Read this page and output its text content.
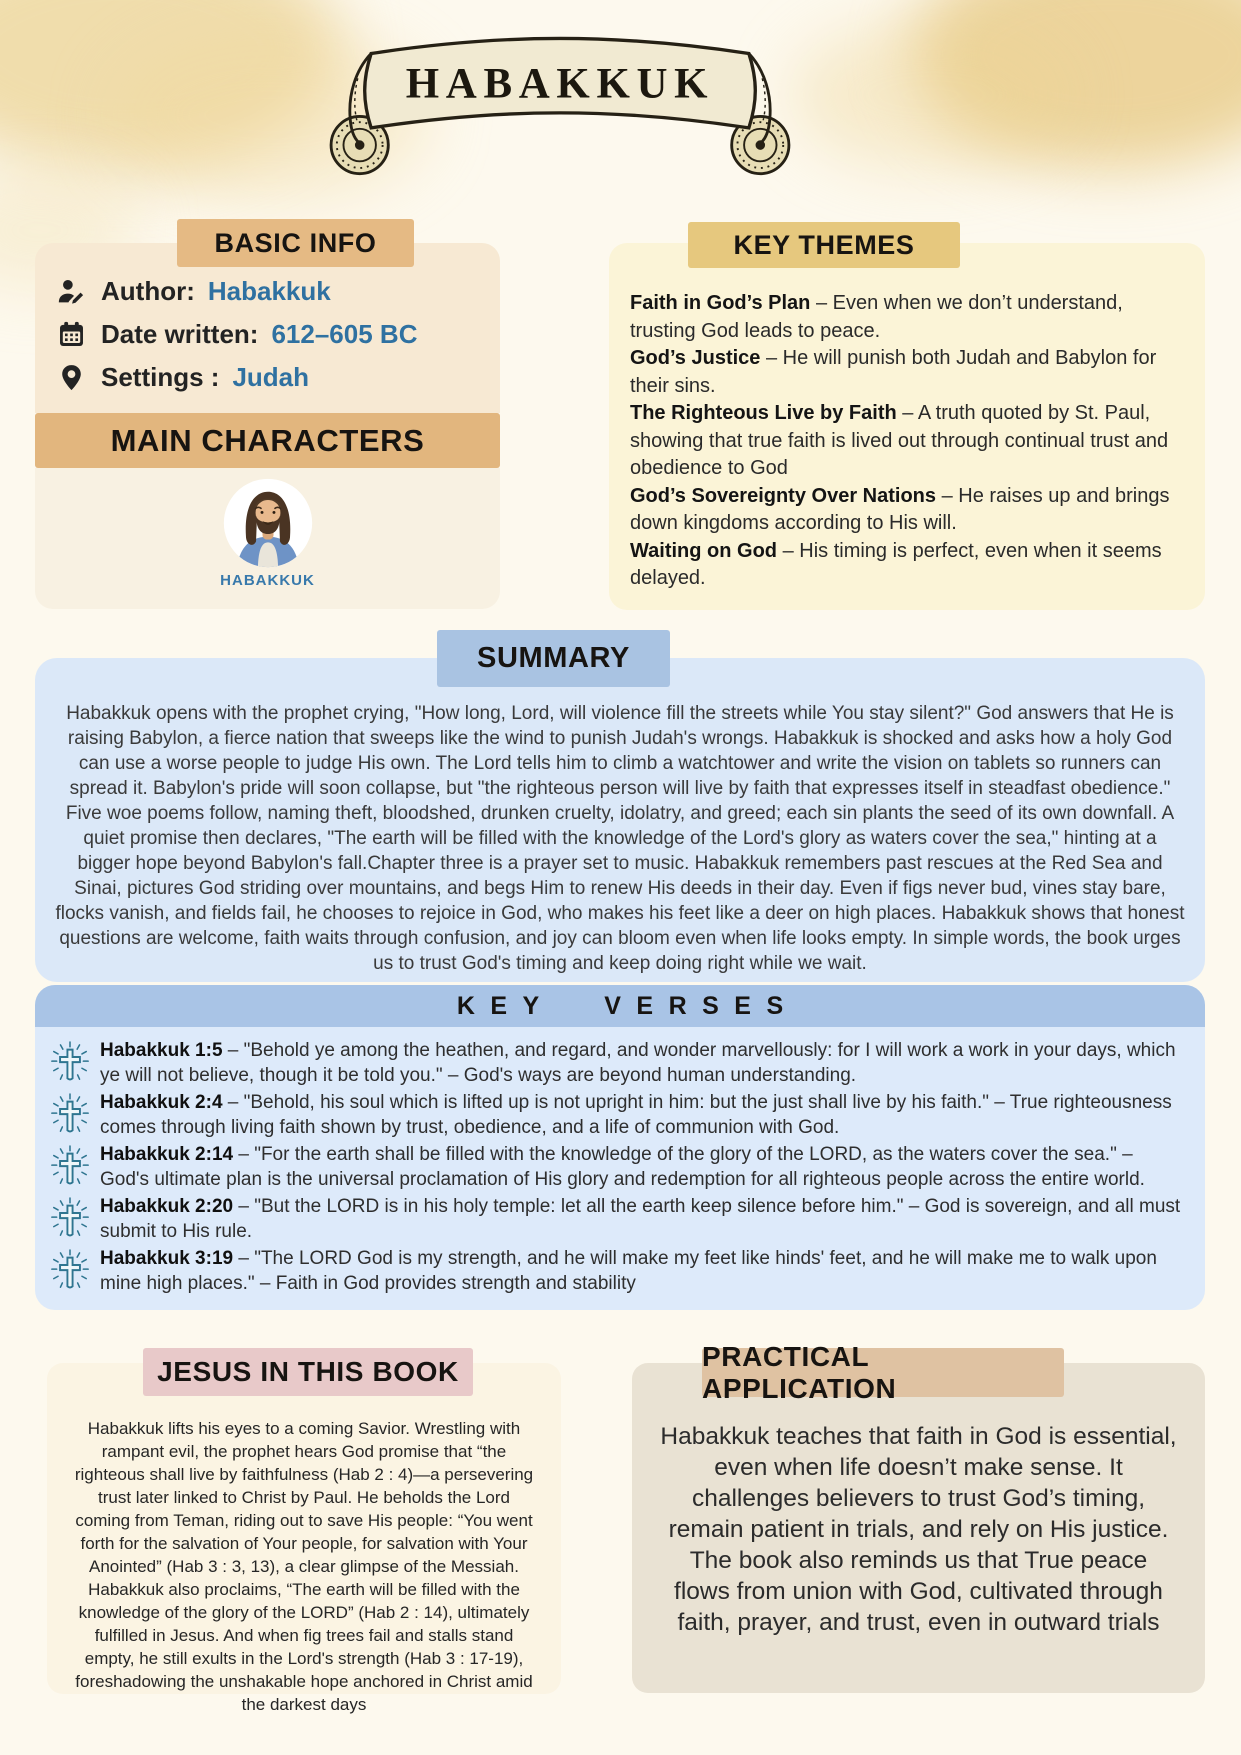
HABAKKUK
BASIC INFO
Author: Habakkuk
Date written: 612–605 BC
Settings : Judah
MAIN CHARACTERS
HABAKKUK
KEY THEMES

Faith in God’s Plan – Even when we don’t understand, trusting God leads to peace.

God’s Justice – He will punish both Judah and Babylon for their sins.

The Righteous Live by Faith – A truth quoted by St. Paul, showing that true faith is lived out through continual trust and obedience to God

God’s Sovereignty Over Nations – He raises up and brings down kingdoms according to His will.

Waiting on God – His timing is perfect, even when it seems delayed.

SUMMARY
Habakkuk opens with the prophet crying, "How long, Lord, will violence fill the streets while You stay silent?" God answers that He is raising Babylon, a fierce nation that sweeps like the wind to punish Judah's wrongs. Habakkuk is shocked and asks how a holy God can use a worse people to judge His own. The Lord tells him to climb a watchtower and write the vision on tablets so runners can spread it. Babylon's pride will soon collapse, but "the righteous person will live by faith that expresses itself in steadfast obedience." Five woe poems follow, naming theft, bloodshed, drunken cruelty, idolatry, and greed; each sin plants the seed of its own downfall. A quiet promise then declares, "The earth will be filled with the knowledge of the Lord's glory as waters cover the sea," hinting at a bigger hope beyond Babylon's fall.Chapter three is a prayer set to music. Habakkuk remembers past rescues at the Red Sea and Sinai, pictures God striding over mountains, and begs Him to renew His deeds in their day. Even if figs never bud, vines stay bare, flocks vanish, and fields fail, he chooses to rejoice in God, who makes his feet like a deer on high places. Habakkuk shows that honest questions are welcome, faith waits through confusion, and joy can bloom even when life looks empty. In simple words, the book urges us to trust God's timing and keep doing right while we wait.
KEY VERSES

Habakkuk 1:5 – "Behold ye among the heathen, and regard, and wonder marvellously: for I will work a work in your days, which ye will not believe, though it be told you." – God's ways are beyond human understanding.

Habakkuk 2:4 – "Behold, his soul which is lifted up is not upright in him: but the just shall live by his faith." – True righteousness comes through living faith shown by trust, obedience, and a life of communion with God.

Habakkuk 2:14 – "For the earth shall be filled with the knowledge of the glory of the LORD, as the waters cover the sea." – God's ultimate plan is the universal proclamation of His glory and redemption for all righteous people across the entire world.

Habakkuk 2:20 – "But the LORD is in his holy temple: let all the earth keep silence before him." – God is sovereign, and all must submit to His rule.

Habakkuk 3:19 – "The LORD God is my strength, and he will make my feet like hinds' feet, and he will make me to walk upon mine high places." – Faith in God provides strength and stability

JESUS IN THIS BOOK
Habakkuk lifts his eyes to a coming Savior. Wrestling with rampant evil, the prophet hears God promise that “the righteous shall live by faithfulness (Hab 2 : 4)—a persevering trust later linked to Christ by Paul. He beholds the Lord coming from Teman, riding out to save His people: “You went forth for the salvation of Your people, for salvation with Your Anointed” (Hab 3 : 3, 13), a clear glimpse of the Messiah. Habakkuk also proclaims, “The earth will be filled with the knowledge of the glory of the LORD” (Hab 2 : 14), ultimately fulfilled in Jesus. And when fig trees fail and stalls stand empty, he still exults in the Lord's strength (Hab 3 : 17-19), foreshadowing the unshakable hope anchored in Christ amid the darkest days
PRACTICAL APPLICATION
Habakkuk teaches that faith in God is essential, even when life doesn’t make sense. It challenges believers to trust God’s timing, remain patient in trials, and rely on His justice. The book also reminds us that True peace flows from union with God, cultivated through faith, prayer, and trust, even in outward trials
